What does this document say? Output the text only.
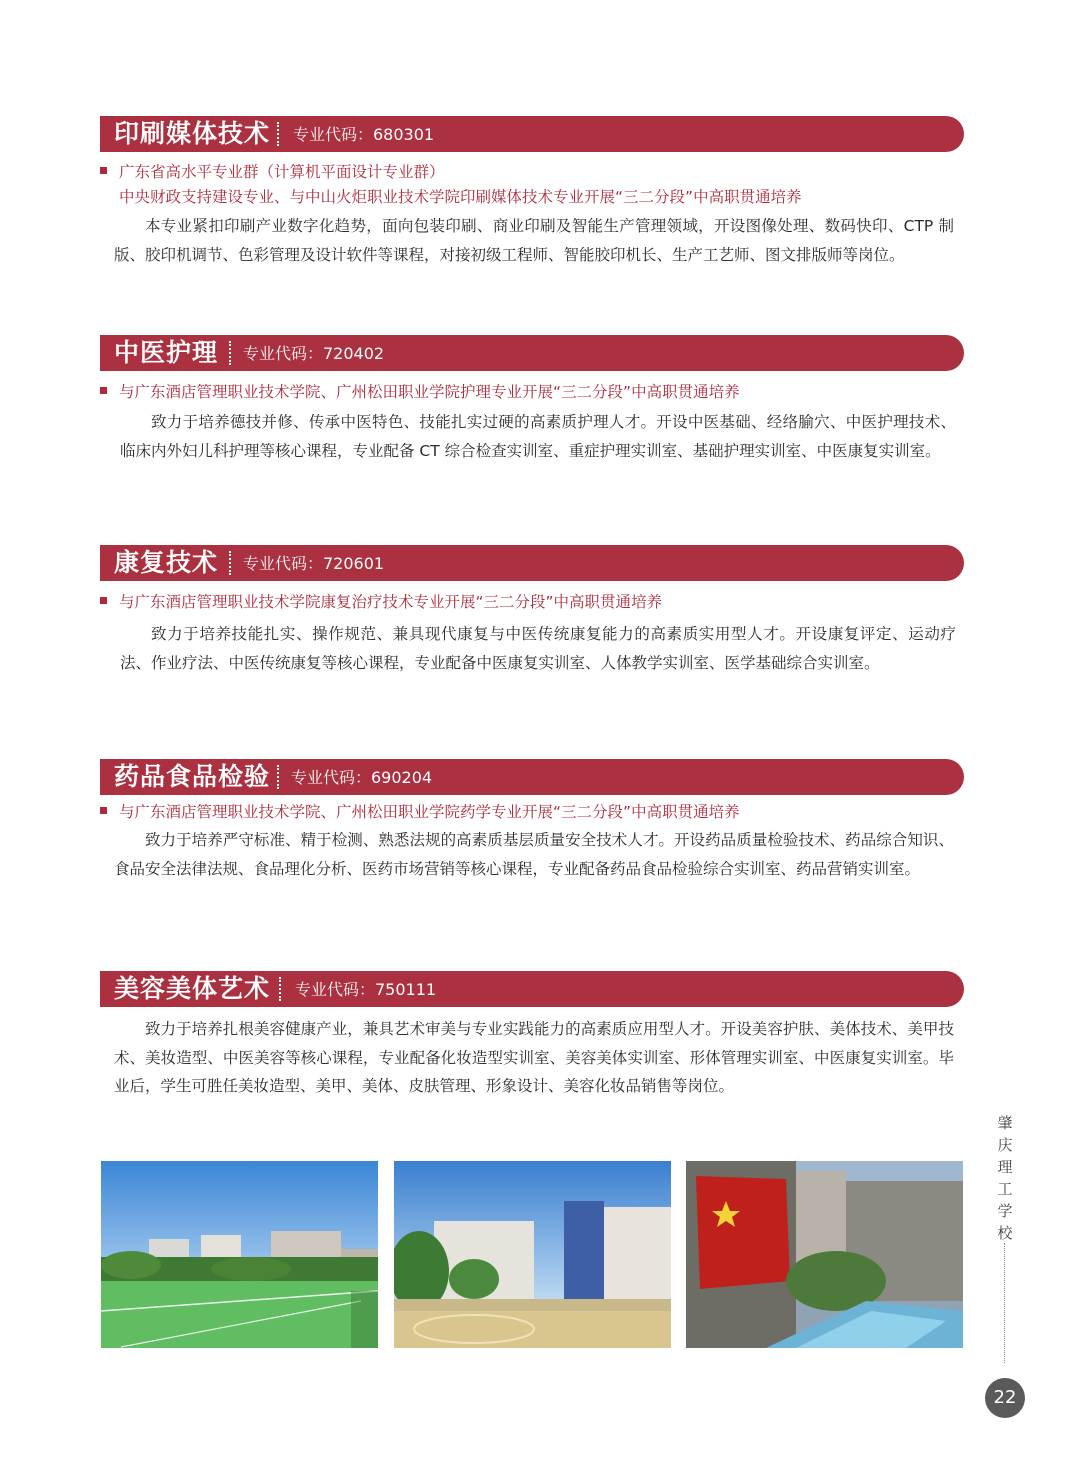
印刷媒体技术 专业代码：680301
广东省高水平专业群（计算机平面设计专业群）
中央财政支持建设专业、与中山火炬职业技术学院印刷媒体技术专业开展“三二分段”中高职贯通培养
本专业紧扣印刷产业数字化趋势，面向包装印刷、商业印刷及智能生产管理领域，开设图像处理、数码快印、CTP 制版、胶印机调节、色彩管理及设计软件等课程，对接初级工程师、智能胶印机长、生产工艺师、图文排版师等岗位。
中医护理 专业代码：720402
与广东酒店管理职业技术学院、广州松田职业学院护理专业开展“三二分段”中高职贯通培养
致力于培养德技并修、传承中医特色、技能扎实过硬的高素质护理人才。开设中医基础、经络腧穴、中医护理技术、临床内外妇儿科护理等核心课程，专业配备 CT 综合检查实训室、重症护理实训室、基础护理实训室、中医康复实训室。
康复技术 专业代码：720601
与广东酒店管理职业技术学院康复治疗技术专业开展“三二分段”中高职贯通培养
致力于培养技能扎实、操作规范、兼具现代康复与中医传统康复能力的高素质实用型人才。开设康复评定、运动疗法、作业疗法、中医传统康复等核心课程，专业配备中医康复实训室、人体教学实训室、医学基础综合实训室。
药品食品检验 专业代码：690204
与广东酒店管理职业技术学院、广州松田职业学院药学专业开展“三二分段”中高职贯通培养
致力于培养严守标准、精于检测、熟悉法规的高素质基层质量安全技术人才。开设药品质量检验技术、药品综合知识、食品安全法律法规、食品理化分析、医药市场营销等核心课程，专业配备药品食品检验综合实训室、药品营销实训室。
美容美体艺术 专业代码：750111
致力于培养扎根美容健康产业，兼具艺术审美与专业实践能力的高素质应用型人才。开设美容护肤、美体技术、美甲技术、美妆造型、中医美容等核心课程，专业配备化妆造型实训室、美容美体实训室、形体管理实训室、中医康复实训室。毕业后，学生可胜任美妆造型、美甲、美体、皮肤管理、形象设计、美容化妆品销售等岗位。
肇庆理工学校
22
